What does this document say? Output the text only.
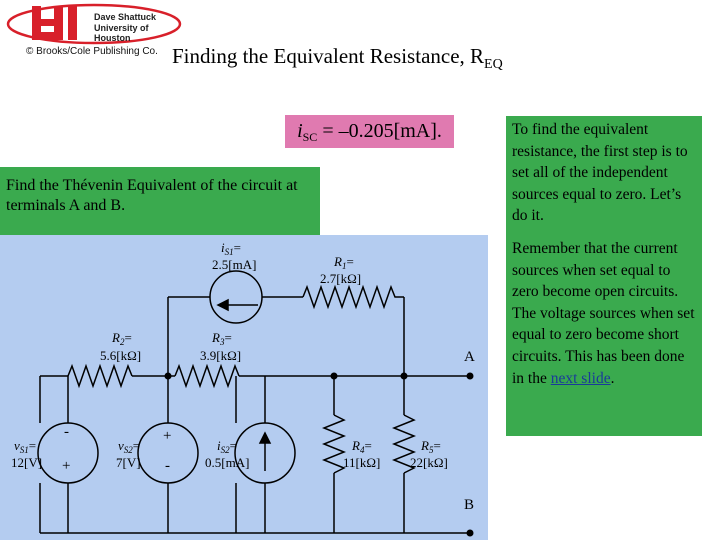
Dave Shattuck
University of Houston
© Brooks/Cole Publishing Co. Finding the Equivalent Resistance, $R_{EQ}$
$i_{SC} = -0.205[mA]$.

Find the Thévenin Equivalent of the circuit at terminals A and B.

To find the equivalent resistance, the first step is to set all of the independent sources equal to zero. Let’s do it.
Remember that the current sources when set equal to zero become open circuits. The voltage sources when set equal to zero become short circuits. This has been done in the next slide.
$i_{S1}=$
2.5[mA]	$R_1=$
2.7[kΩ]
$R_2=$
5.6[kΩ]
$R_3=$
3.9[kΩ]	A
$v_{S1}=$
12[V]
-
+
$v_{S2}=$
7[V]
+
-
$i_{S2}=$
0.5[mA]
$R_4=$
11[kΩ]
$R_5=$
22[kΩ]
B
